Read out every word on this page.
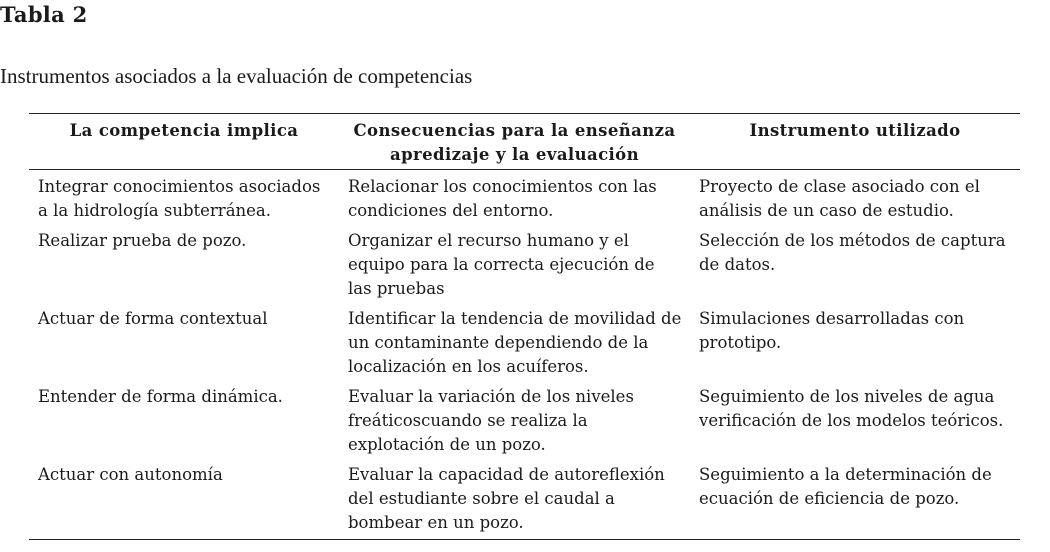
Tabla 2
Instrumentos asociados a la evaluación de competencias
La competencia implica	Consecuencias para la enseñanza apredizaje y la evaluación	Instrumento utilizado
Integrar conocimientos asociados a la hidrología subterránea.	Relacionar los conocimientos con las condiciones del entorno.	Proyecto de clase asociado con el análisis de un caso de estudio.
Realizar prueba de pozo.	Organizar el recurso humano y el equipo para la correcta ejecución de las pruebas	Selección de los métodos de captura de datos.
Actuar de forma contextual	Identificar la tendencia de movilidad de un contaminante dependiendo de la localización en los acuíferos.	Simulaciones desarrolladas con prototipo.
Entender de forma dinámica.	Evaluar la variación de los niveles freáticoscuando se realiza la explotación de un pozo.	Seguimiento de los niveles de agua verificación de los modelos teóricos.
Actuar con autonomía	Evaluar la capacidad de autoreflexión del estudiante sobre el caudal a bombear en un pozo.	Seguimiento a la determinación de ecuación de eficiencia de pozo.
